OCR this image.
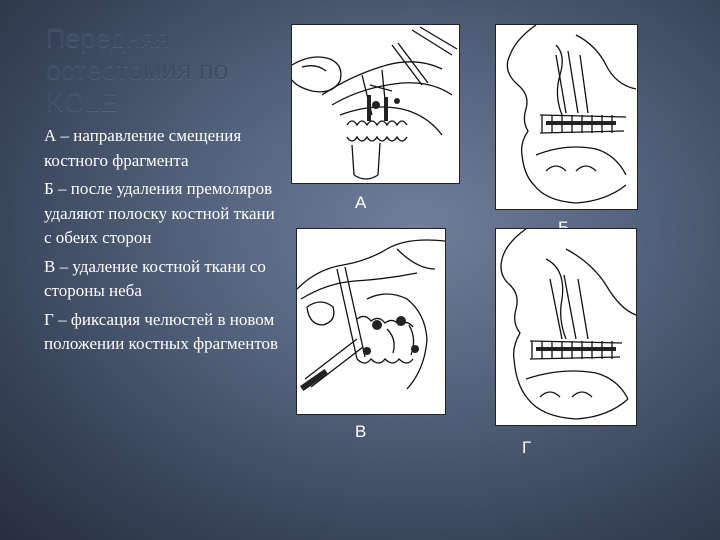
Передняя остеотомия по KOLE

А – направление смещения костного фрагмента

Б – после удаления премоляров удаляют полоску костной ткани с обеих сторон

В – удаление костной ткани со стороны неба

Г – фиксация челюстей в новом положении костных фрагментов

А
В
Г
